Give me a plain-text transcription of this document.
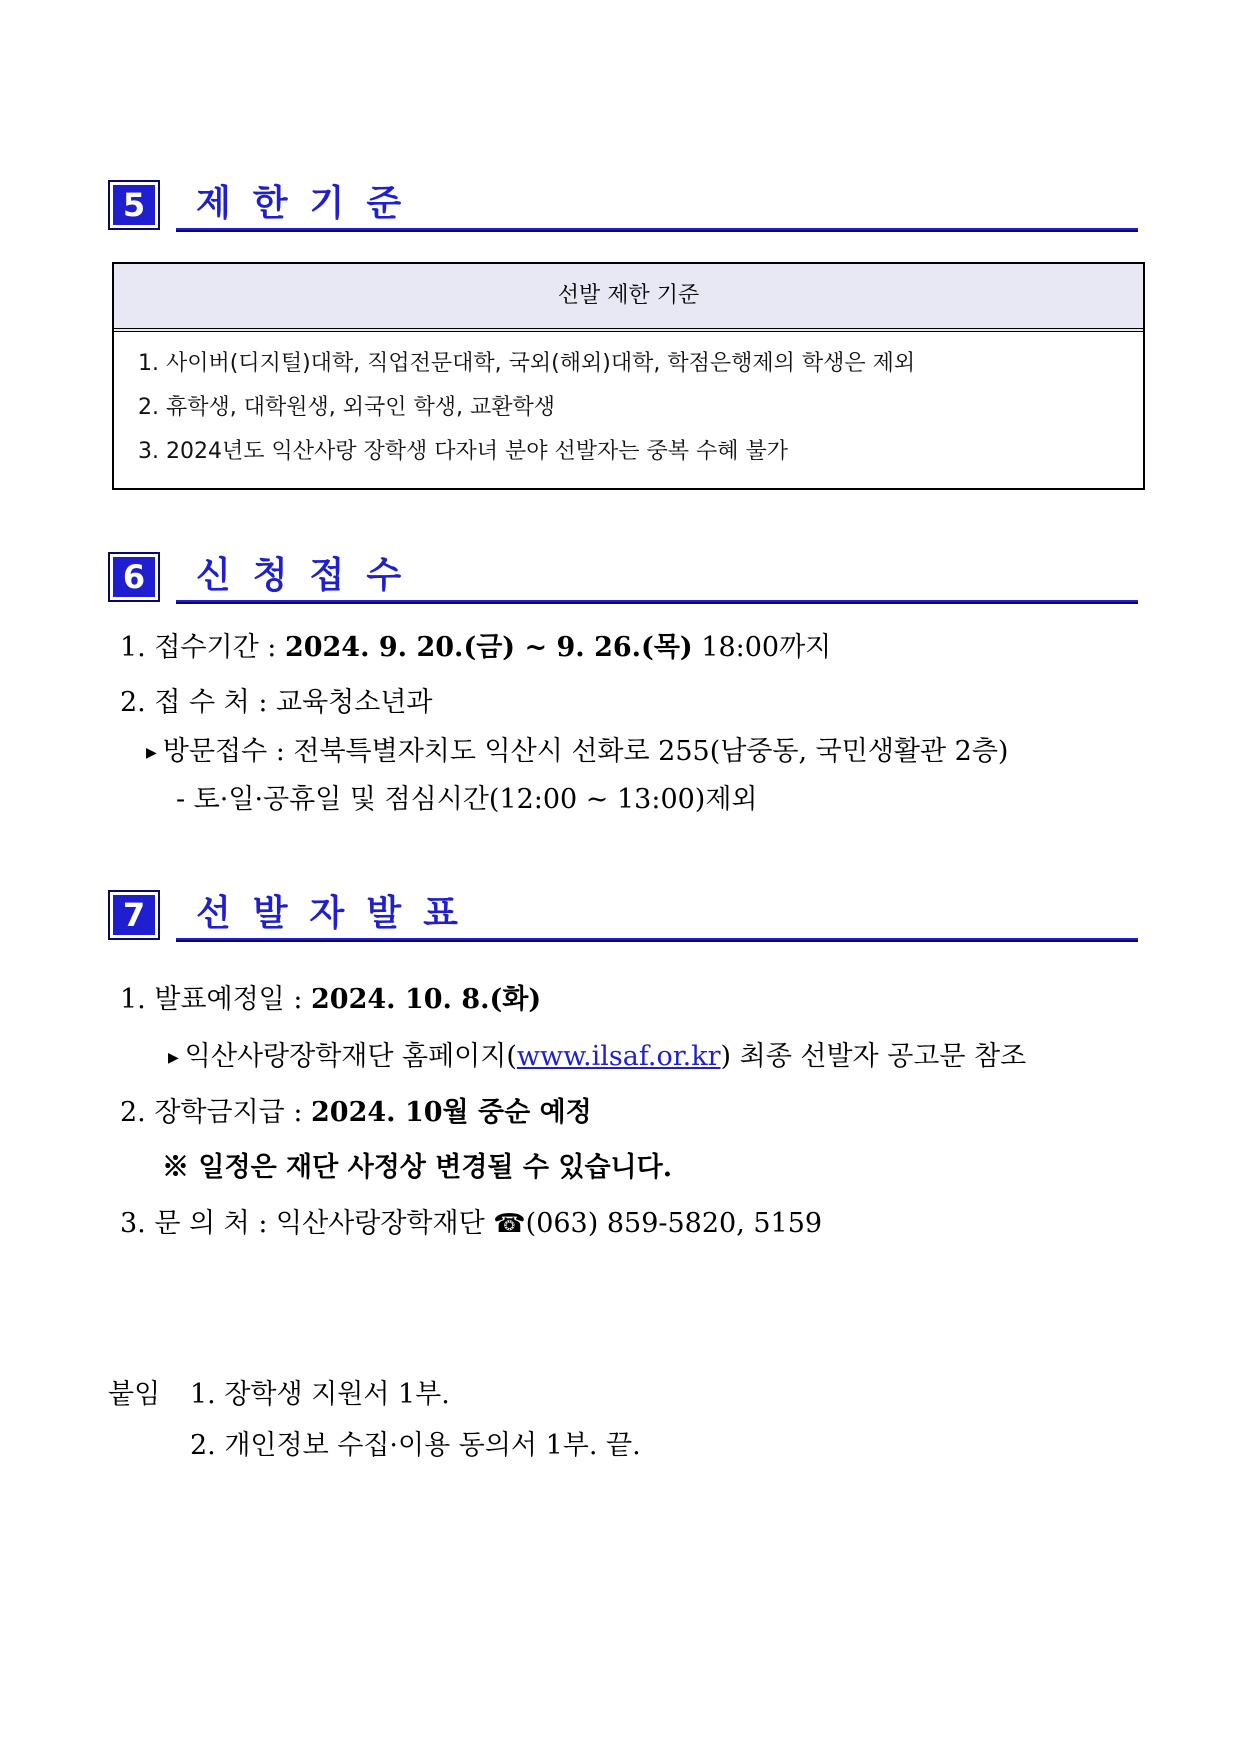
5	제한기준
선발 제한 기준
1. 사이버(디지털)대학, 직업전문대학, 국외(해외)대학, 학점은행제의 학생은 제외
2. 휴학생, 대학원생, 외국인 학생, 교환학생
3. 2024년도 익산사랑 장학생 다자녀 분야 선발자는 중복 수혜 불가
6	신청접수
1. 접수기간 : 2024. 9. 20.(금) ~ 9. 26.(목) 18:00까지
2. 접 수 처 : 교육청소년과
▶ 방문접수 : 전북특별자치도 익산시 선화로 255(남중동, 국민생활관 2층)
- 토·일·공휴일 및 점심시간(12:00 ~ 13:00)제외
7	선발자발표
1. 발표예정일 : 2024. 10. 8.(화)
▶ 익산사랑장학재단 홈페이지(www.ilsaf.or.kr) 최종 선발자 공고문 참조
2. 장학금지급 : 2024. 10월 중순 예정
※ 일정은 재단 사정상 변경될 수 있습니다.
3. 문 의 처 : 익산사랑장학재단 ☎(063) 859-5820, 5159
붙임 1. 장학생 지원서 1부.
2. 개인정보 수집·이용 동의서 1부. 끝.
